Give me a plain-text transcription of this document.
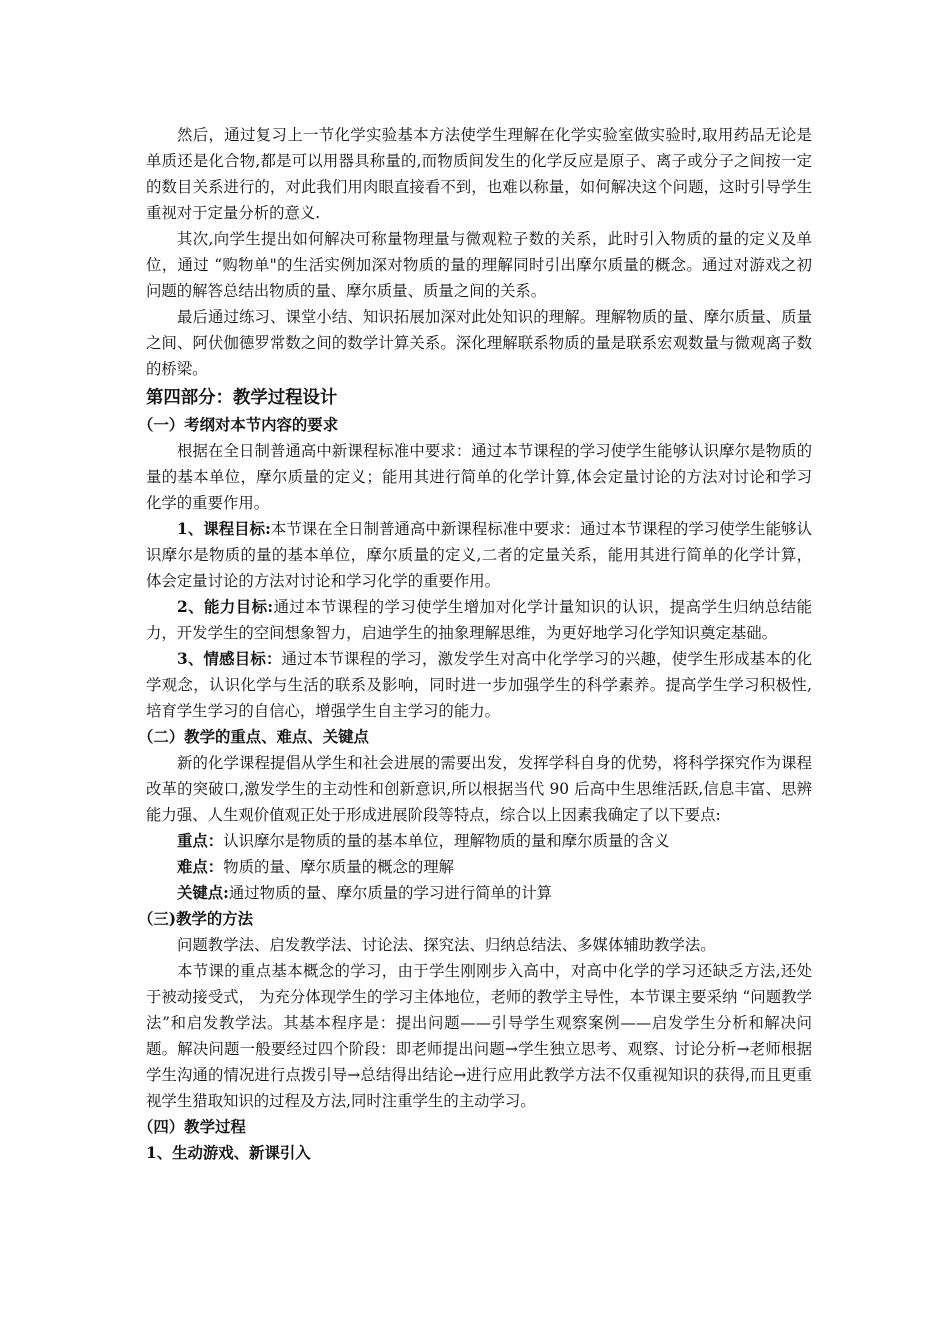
然后，通过复习上一节化学实验基本方法使学生理解在化学实验室做实验时,取用药品无论是单质还是化合物,都是可以用器具称量的,而物质间发生的化学反应是原子、离子或分子之间按一定的数目关系进行的，对此我们用肉眼直接看不到，也难以称量，如何解决这个问题，这时引导学生重视对于定量分析的意义.

其次,向学生提出如何解决可称量物理量与微观粒子数的关系，此时引入物质的量的定义及单位，通过 “购物单"的生活实例加深对物质的量的理解同时引出摩尔质量的概念。通过对游戏之初问题的解答总结出物质的量、摩尔质量、质量之间的关系。

最后通过练习、课堂小结、知识拓展加深对此处知识的理解。理解物质的量、摩尔质量、质量之间、阿伏伽德罗常数之间的数学计算关系。深化理解联系物质的量是联系宏观数量与微观离子数的桥梁。

第四部分：教学过程设计

（一）考纲对本节内容的要求

根据在全日制普通高中新课程标准中要求：通过本节课程的学习使学生能够认识摩尔是物质的量的基本单位，摩尔质量的定义；能用其进行简单的化学计算,体会定量讨论的方法对讨论和学习化学的重要作用。

1、课程目标:本节课在全日制普通高中新课程标准中要求：通过本节课程的学习使学生能够认识摩尔是物质的量的基本单位，摩尔质量的定义,二者的定量关系，能用其进行简单的化学计算，体会定量讨论的方法对讨论和学习化学的重要作用。

2、能力目标:通过本节课程的学习使学生增加对化学计量知识的认识，提高学生归纳总结能力，开发学生的空间想象智力，启迪学生的抽象理解思维，为更好地学习化学知识奠定基础。

3、情感目标：通过本节课程的学习，激发学生对高中化学学习的兴趣，使学生形成基本的化学观念，认识化学与生活的联系及影响，同时进一步加强学生的科学素养。提高学生学习积极性,培育学生学习的自信心，增强学生自主学习的能力。

（二）教学的重点、难点、关键点

新的化学课程提倡从学生和社会进展的需要出发，发挥学科自身的优势，将科学探究作为课程改革的突破口,激发学生的主动性和创新意识,所以根据当代 90 后高中生思维活跃,信息丰富、思辨能力强、人生观价值观正处于形成进展阶段等特点，综合以上因素我确定了以下要点:

重点：认识摩尔是物质的量的基本单位，理解物质的量和摩尔质量的含义

难点：物质的量、摩尔质量的概念的理解

关键点:通过物质的量、摩尔质量的学习进行简单的计算

（三)教学的方法

问题教学法、启发教学法、讨论法、探究法、归纳总结法、多媒体辅助教学法。

本节课的重点基本概念的学习，由于学生刚刚步入高中，对高中化学的学习还缺乏方法,还处于被动接受式， 为充分体现学生的学习主体地位，老师的教学主导性，本节课主要采纳 “问题教学法”和启发教学法。其基本程序是：提出问题——引导学生观察案例——启发学生分析和解决问题。解决问题一般要经过四个阶段：即老师提出问题→学生独立思考、观察、讨论分析→老师根据学生沟通的情况进行点拨引导→总结得出结论→进行应用此教学方法不仅重视知识的获得,而且更重视学生猎取知识的过程及方法,同时注重学生的主动学习。

（四）教学过程

1、生动游戏、新课引入
